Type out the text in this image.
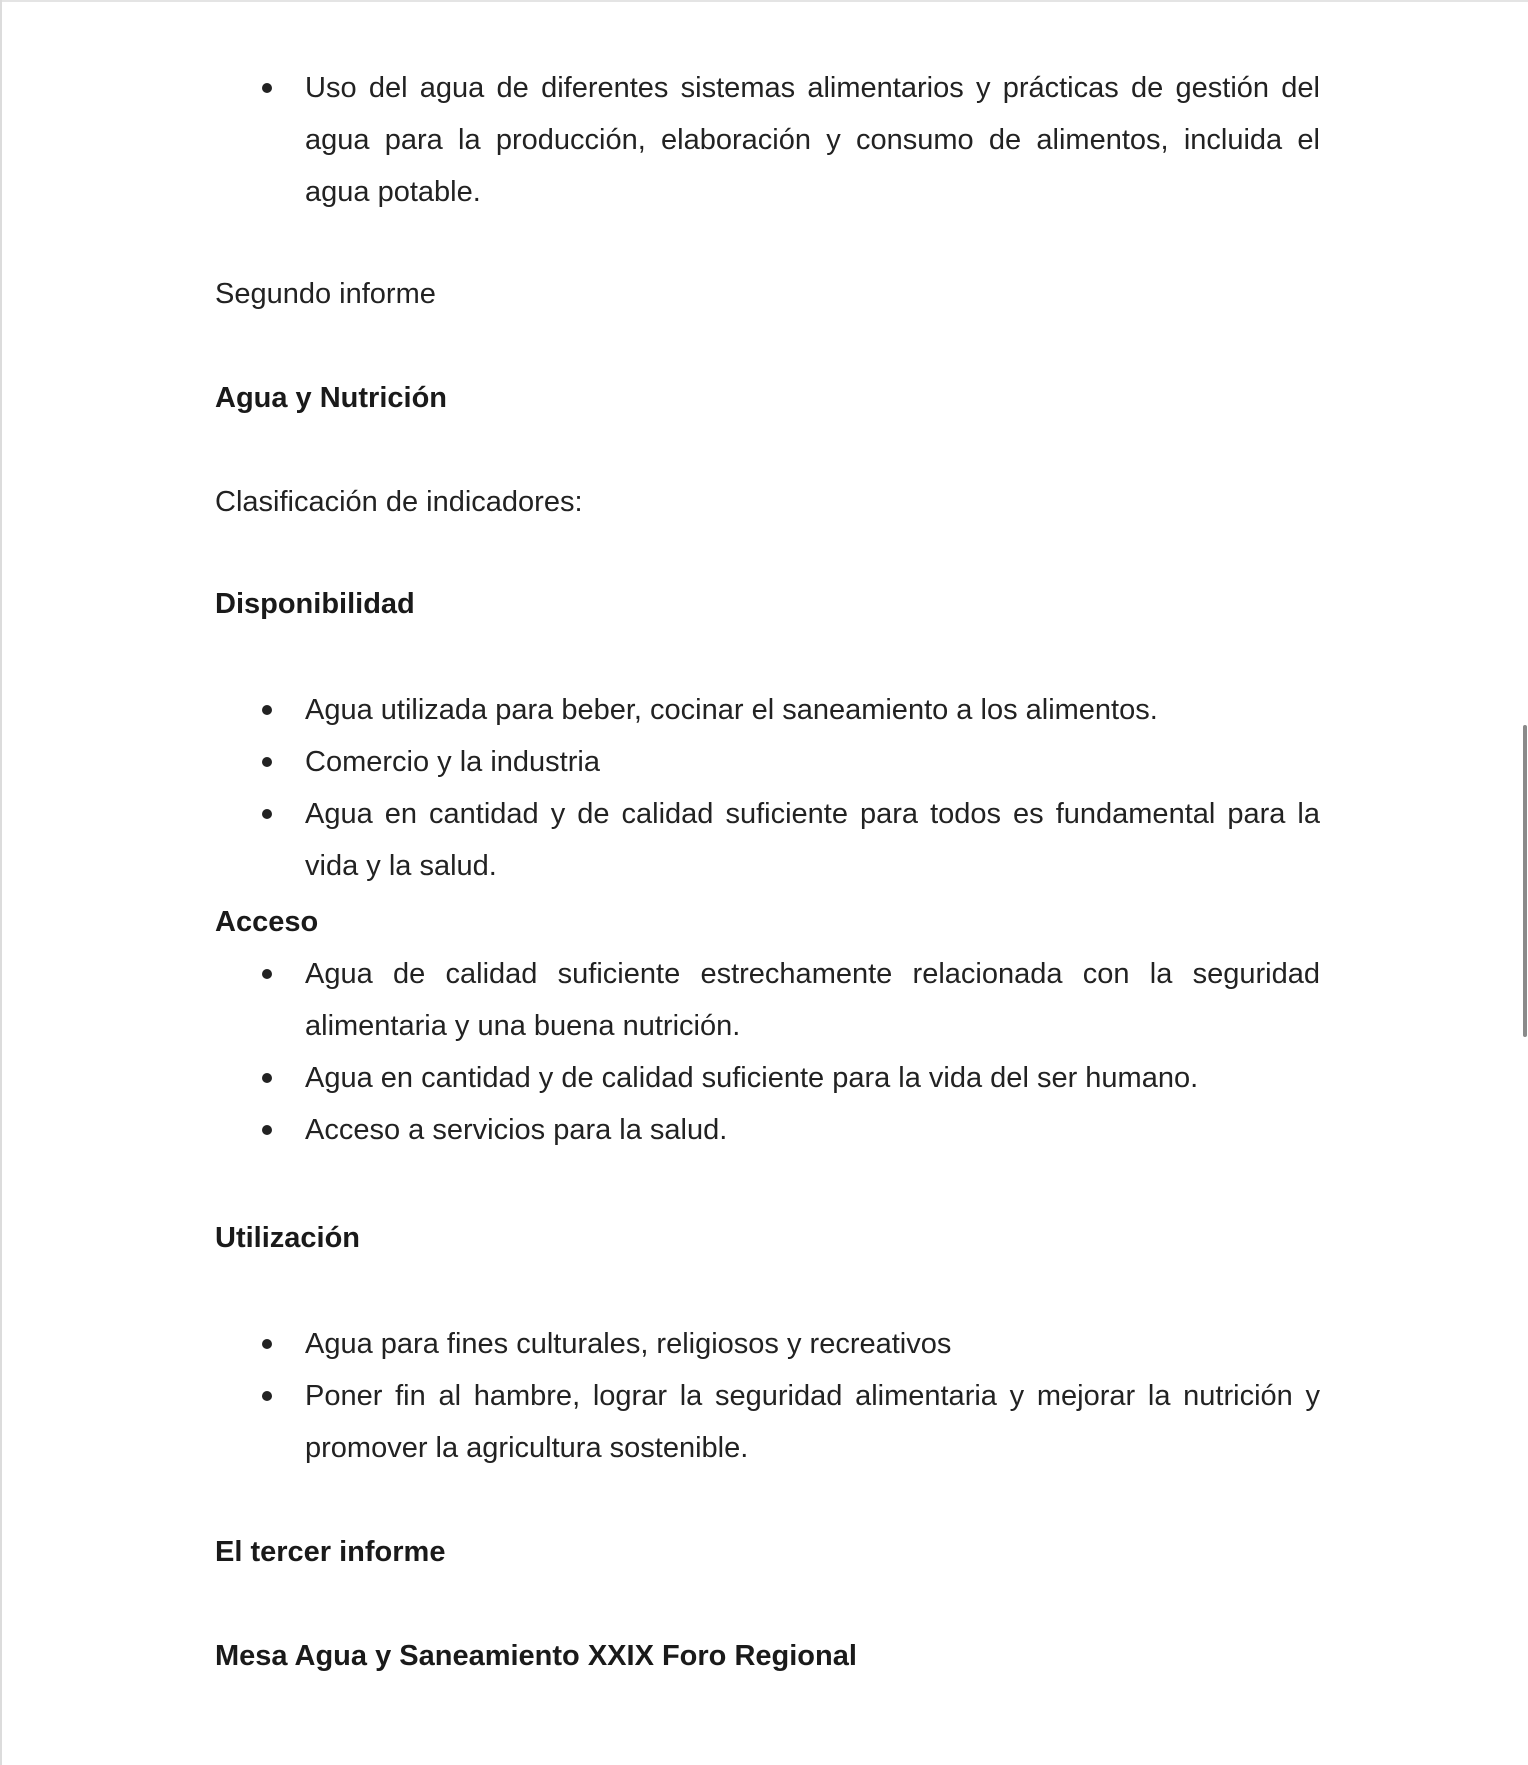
Uso del agua de diferentes sistemas alimentarios y prácticas de gestión del agua para la producción, elaboración y consumo de alimentos, incluida el agua potable.

Segundo informe

Agua y Nutrición

Clasificación de indicadores:

Disponibilidad

Agua utilizada para beber, cocinar el saneamiento a los alimentos.
Comercio y la industria
Agua en cantidad y de calidad suficiente para todos es fundamental para la vida y la salud.

Acceso

Agua de calidad suficiente estrechamente relacionada con la seguridad alimentaria y una buena nutrición.
Agua en cantidad y de calidad suficiente para la vida del ser humano.
Acceso a servicios para la salud.

Utilización

Agua para fines culturales, religiosos y recreativos
Poner fin al hambre, lograr la seguridad alimentaria y mejorar la nutrición y promover la agricultura sostenible.

El tercer informe

Mesa Agua y Saneamiento XXIX Foro Regional
